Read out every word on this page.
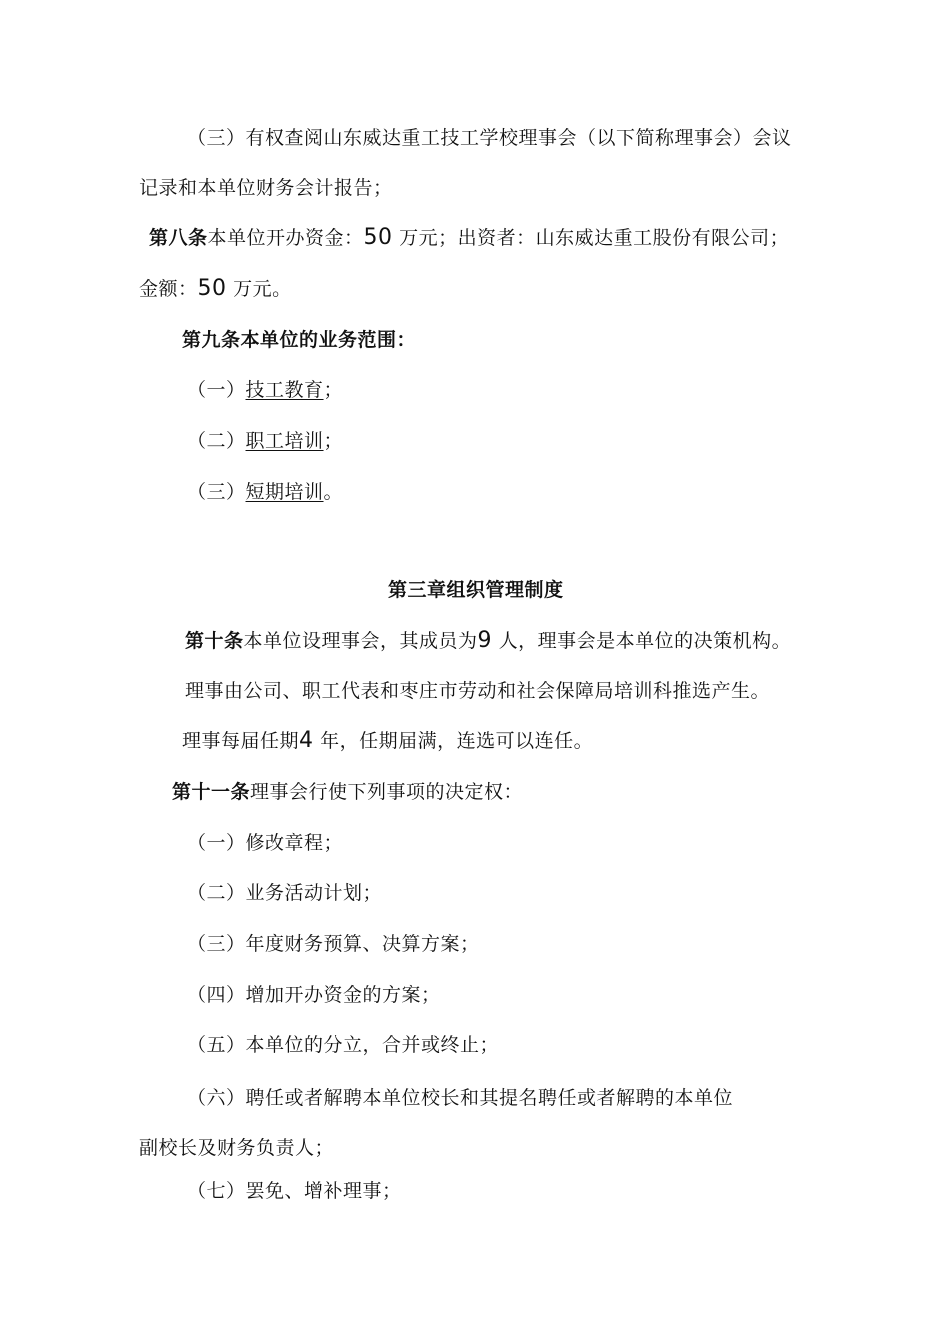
（三）有权查阅山东威达重工技工学校理事会（以下简称理事会）会议
记录和本单位财务会计报告；
第八条本单位开办资金：50 万元；出资者：山东威达重工股份有限公司；
金额：50 万元。
第九条本单位的业务范围：
（一）技工教育；
（二）职工培训；
（三）短期培训。
第三章组织管理制度
第十条本单位设理事会，其成员为9 人，理事会是本单位的决策机构。
理事由公司、职工代表和枣庄市劳动和社会保障局培训科推选产生。
理事每届任期4 年，任期届满，连选可以连任。
第十一条理事会行使下列事项的决定权：
（一）修改章程；
（二）业务活动计划；
（三）年度财务预算、决算方案；
（四）增加开办资金的方案；
（五）本单位的分立，合并或终止；
（六）聘任或者解聘本单位校长和其提名聘任或者解聘的本单位
副校长及财务负责人；
（七）罢免、增补理事；
